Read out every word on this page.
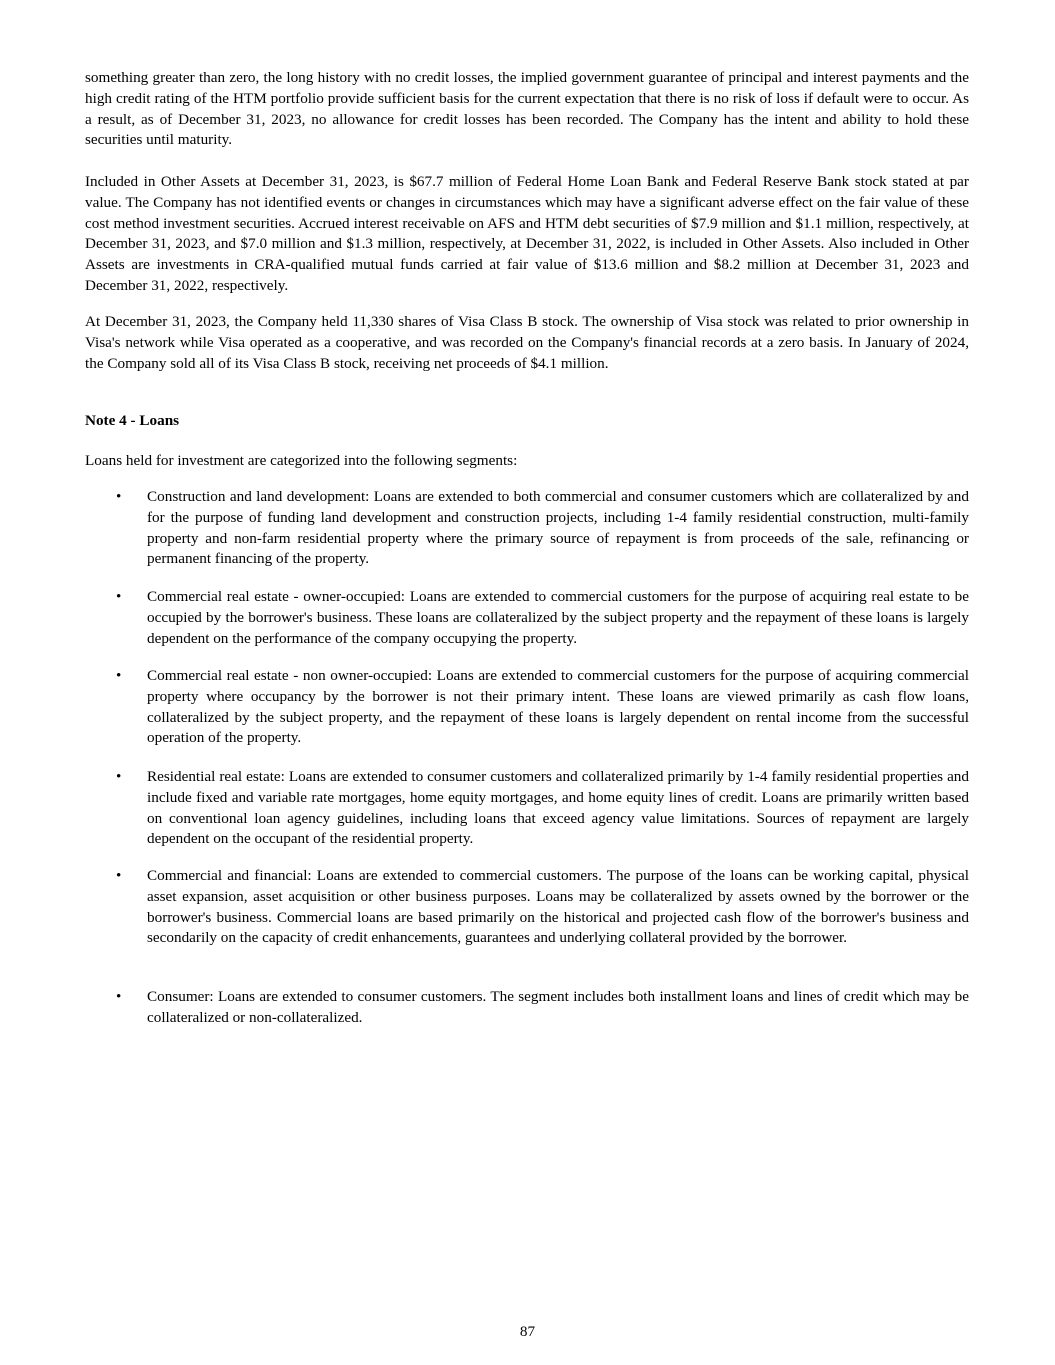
something greater than zero, the long history with no credit losses, the implied government guarantee of principal and interest payments and the high credit rating of the HTM portfolio provide sufficient basis for the current expectation that there is no risk of loss if default were to occur. As a result, as of December 31, 2023, no allowance for credit losses has been recorded. The Company has the intent and ability to hold these securities until maturity.

Included in Other Assets at December 31, 2023, is $67.7 million of Federal Home Loan Bank and Federal Reserve Bank stock stated at par value. The Company has not identified events or changes in circumstances which may have a significant adverse effect on the fair value of these cost method investment securities. Accrued interest receivable on AFS and HTM debt securities of $7.9 million and $1.1 million, respectively, at December 31, 2023, and $7.0 million and $1.3 million, respectively, at December 31, 2022, is included in Other Assets. Also included in Other Assets are investments in CRA-qualified mutual funds carried at fair value of $13.6 million and $8.2 million at December 31, 2023 and December 31, 2022, respectively.

At December 31, 2023, the Company held 11,330 shares of Visa Class B stock. The ownership of Visa stock was related to prior ownership in Visa's network while Visa operated as a cooperative, and was recorded on the Company's financial records at a zero basis. In January of 2024, the Company sold all of its Visa Class B stock, receiving net proceeds of $4.1 million.

Note 4 - Loans

Loans held for investment are categorized into the following segments:

• Construction and land development: Loans are extended to both commercial and consumer customers which are collateralized by and for the purpose of funding land development and construction projects, including 1-4 family residential construction, multi-family property and non-farm residential property where the primary source of repayment is from proceeds of the sale, refinancing or permanent financing of the property.
• Commercial real estate - owner-occupied: Loans are extended to commercial customers for the purpose of acquiring real estate to be occupied by the borrower's business. These loans are collateralized by the subject property and the repayment of these loans is largely dependent on the performance of the company occupying the property.
• Commercial real estate - non owner-occupied: Loans are extended to commercial customers for the purpose of acquiring commercial property where occupancy by the borrower is not their primary intent. These loans are viewed primarily as cash flow loans, collateralized by the subject property, and the repayment of these loans is largely dependent on rental income from the successful operation of the property.
• Residential real estate: Loans are extended to consumer customers and collateralized primarily by 1-4 family residential properties and include fixed and variable rate mortgages, home equity mortgages, and home equity lines of credit. Loans are primarily written based on conventional loan agency guidelines, including loans that exceed agency value limitations. Sources of repayment are largely dependent on the occupant of the residential property.
• Commercial and financial: Loans are extended to commercial customers. The purpose of the loans can be working capital, physical asset expansion, asset acquisition or other business purposes. Loans may be collateralized by assets owned by the borrower or the borrower's business. Commercial loans are based primarily on the historical and projected cash flow of the borrower's business and secondarily on the capacity of credit enhancements, guarantees and underlying collateral provided by the borrower.
• Consumer: Loans are extended to consumer customers. The segment includes both installment loans and lines of credit which may be collateralized or non-collateralized.
87
